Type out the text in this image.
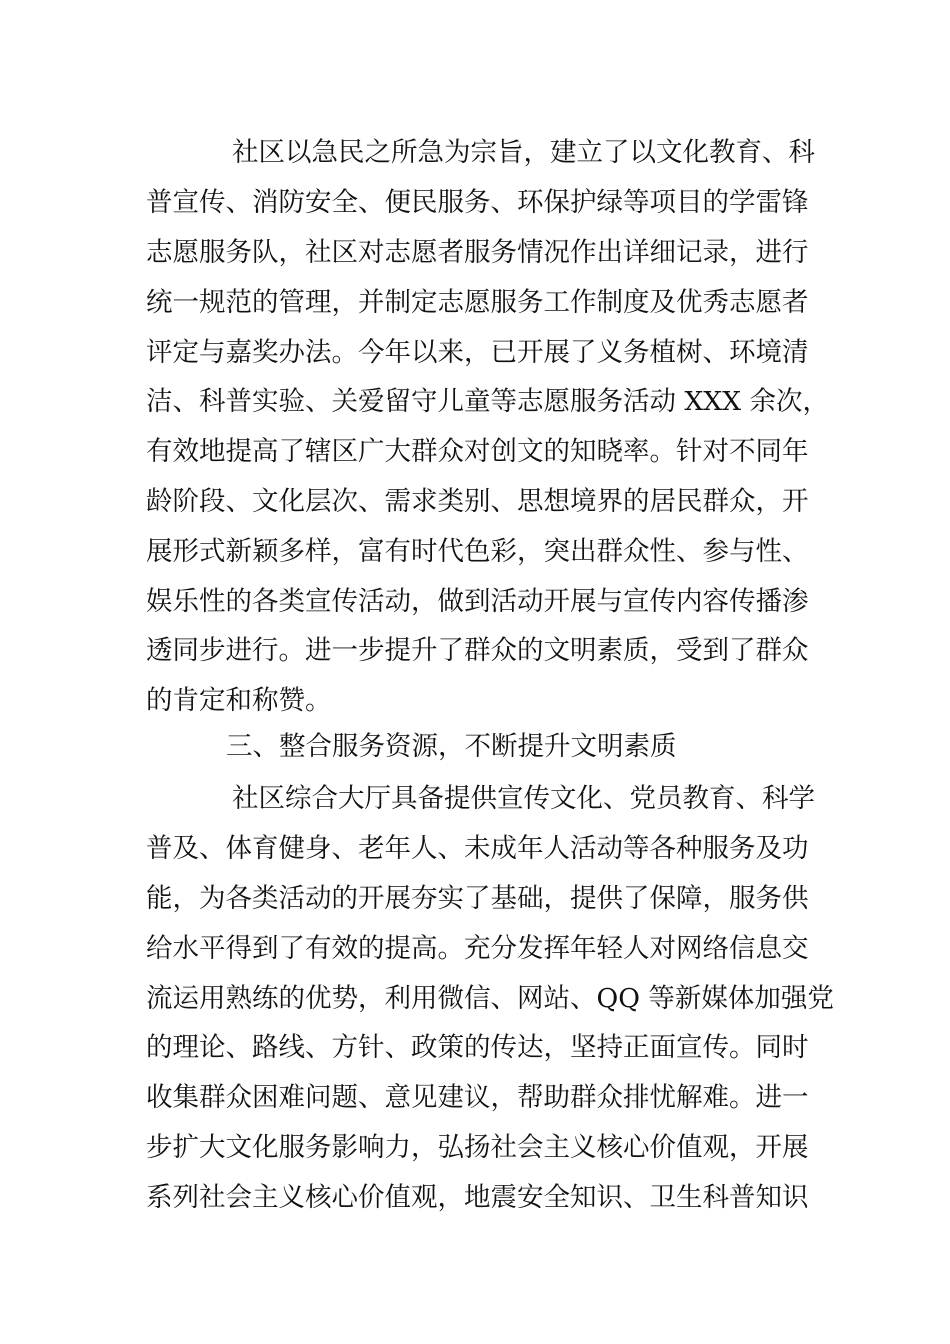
社区以急民之所急为宗旨，建立了以文化教育、科
普宣传、消防安全、便民服务、环保护绿等项目的学雷锋
志愿服务队，社区对志愿者服务情况作出详细记录，进行
统一规范的管理，并制定志愿服务工作制度及优秀志愿者
评定与嘉奖办法。今年以来，已开展了义务植树、环境清
洁、科普实验、关爱留守儿童等志愿服务活动 XXX 余次，
有效地提高了辖区广大群众对创文的知晓率。针对不同年
龄阶段、文化层次、需求类别、思想境界的居民群众，开
展形式新颖多样，富有时代色彩，突出群众性、参与性、
娱乐性的各类宣传活动，做到活动开展与宣传内容传播渗
透同步进行。进一步提升了群众的文明素质，受到了群众
的肯定和称赞。
三、整合服务资源，不断提升文明素质
社区综合大厅具备提供宣传文化、党员教育、科学
普及、体育健身、老年人、未成年人活动等各种服务及功
能，为各类活动的开展夯实了基础，提供了保障，服务供
给水平得到了有效的提高。充分发挥年轻人对网络信息交
流运用熟练的优势，利用微信、网站、QQ 等新媒体加强党
的理论、路线、方针、政策的传达，坚持正面宣传。同时
收集群众困难问题、意见建议，帮助群众排忧解难。进一
步扩大文化服务影响力，弘扬社会主义核心价值观，开展
系列社会主义核心价值观，地震安全知识、卫生科普知识
